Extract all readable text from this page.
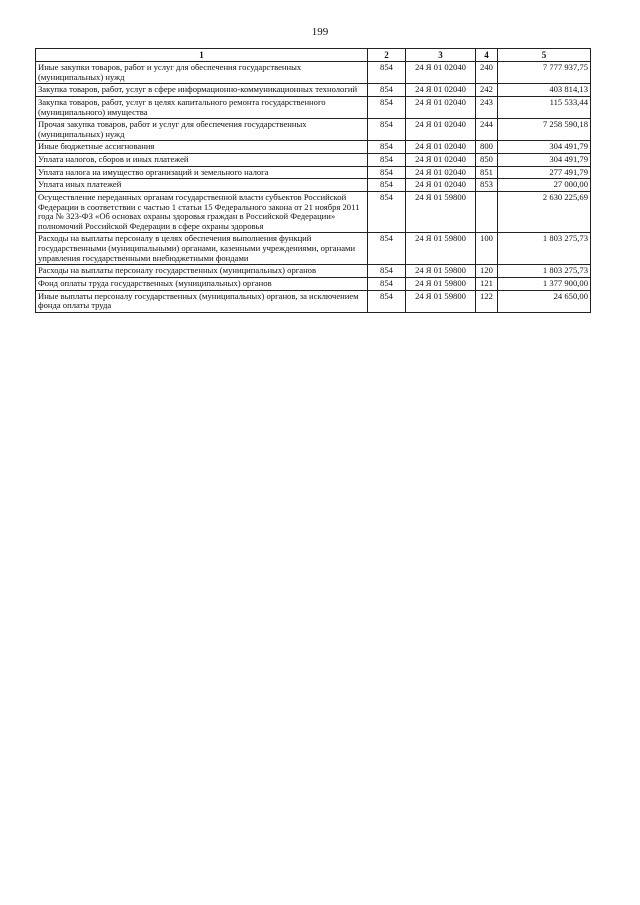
199
1	2	3	4	5
Иные закупки товаров, работ и услуг для обеспечения государственных (муниципальных) нужд	854	24 Я 01 02040	240	7 777 937,75
Закупка товаров, работ, услуг в сфере информационно-коммуникационных технологий	854	24 Я 01 02040	242	403 814,13
Закупка товаров, работ, услуг в целях капитального ремонта государственного (муниципального) имущества	854	24 Я 01 02040	243	115 533,44
Прочая закупка товаров, работ и услуг для обеспечения государственных (муниципальных) нужд	854	24 Я 01 02040	244	7 258 590,18
Иные бюджетные ассигнования	854	24 Я 01 02040	800	304 491,79
Уплата налогов, сборов и иных платежей	854	24 Я 01 02040	850	304 491,79
Уплата налога на имущество организаций и земельного налога	854	24 Я 01 02040	851	277 491,79
Уплата иных платежей	854	24 Я 01 02040	853	27 000,00
Осуществление переданных органам государственной власти субъектов Российской Федерации в соответствии с частью 1 статьи 15 Федерального закона от 21 ноября 2011 года № 323-ФЗ «Об основах охраны здоровья граждан в Российской Федерации» полномочий Российской Федерации в сфере охраны здоровья	854	24 Я 01 59800		2 630 225,69
Расходы на выплаты персоналу в целях обеспечения выполнения функций государственными (муниципальными) органами, казенными учреждениями, органами управления государственными внебюджетными фондами	854	24 Я 01 59800	100	1 803 275,73
Расходы на выплаты персоналу государственных (муниципальных) органов	854	24 Я 01 59800	120	1 803 275,73
Фонд оплаты труда государственных (муниципальных) органов	854	24 Я 01 59800	121	1 377 900,00
Иные выплаты персоналу государственных (муниципальных) органов, за исключением фонда оплаты труда	854	24 Я 01 59800	122	24 650,00
